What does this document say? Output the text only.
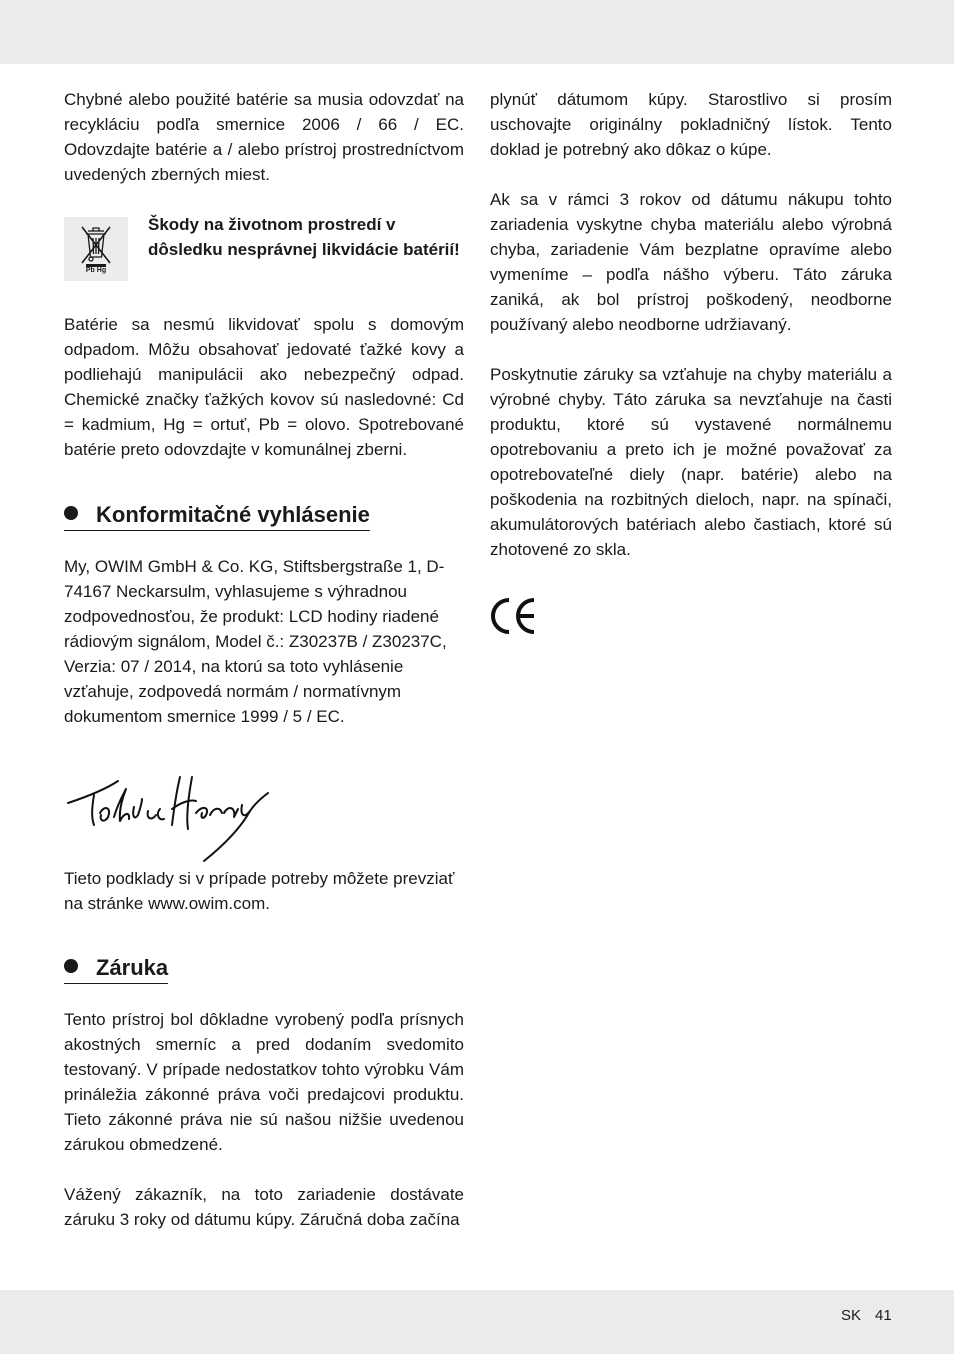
Chybné alebo použité batérie sa musia odovzdať na recykláciu podľa smernice 2006 / 66 / EC. Odovzdajte batérie a / alebo prístroj prostredníctvom uvedených zberných miest.

Pb Hg

Škody na životnom prostredí v dôsledku nesprávnej likvidácie batérií!

Batérie sa nesmú likvidovať spolu s domovým odpadom. Môžu obsahovať jedovaté ťažké kovy a podliehajú manipulácii ako nebezpečný odpad. Chemické značky ťažkých kovov sú nasledovné: Cd = kadmium, Hg = ortuť, Pb = olovo. Spotrebované batérie preto odovzdajte v komunálnej zberni.

Konformitačné vyhlásenie

My, OWIM GmbH & Co. KG, Stiftsbergstraße 1, D-74167 Neckarsulm, vyhlasujeme s výhradnou zodpovednosťou, že produkt: LCD hodiny riadené rádiovým signálom, Model č.: Z30237B / Z30237C, Verzia: 07 / 2014, na ktorú sa toto vyhlásenie vzťahuje, zodpovedá normám / normatívnym dokumentom smernice 1999 / 5 / EC.

Tieto podklady si v prípade potreby môžete prevziať na stránke www.owim.com.

Záruka

Tento prístroj bol dôkladne vyrobený podľa prísnych akostných smerníc a pred dodaním svedomito testovaný. V prípade nedostatkov tohto výrobku Vám prináležia zákonné práva voči predajcovi produktu. Tieto zákonné práva nie sú našou nižšie uvedenou zárukou obmedzené.

Vážený zákazník, na toto zariadenie dostávate záruku 3 roky od dátumu kúpy. Záručná doba začína

plynúť dátumom kúpy. Starostlivo si prosím uschovajte originálny pokladničný lístok. Tento doklad je potrebný ako dôkaz o kúpe.

Ak sa v rámci 3 rokov od dátumu nákupu tohto zariadenia vyskytne chyba materiálu alebo výrobná chyba, zariadenie Vám bezplatne opravíme alebo vymeníme – podľa nášho výberu. Táto záruka zaniká, ak bol prístroj poškodený, neodborne používaný alebo neodborne udržiavaný.

Poskytnutie záruky sa vzťahuje na chyby materiálu a výrobné chyby. Táto záruka sa nevzťahuje na časti produktu, ktoré sú vystavené normálnemu opotrebovaniu a preto ich je možné považovať za opotrebovateľné diely (napr. batérie) alebo na poškodenia na rozbitných dieloch, napr. na spínači, akumulátorových batériach alebo častiach, ktoré sú zhotovené zo skla.

SK 41
